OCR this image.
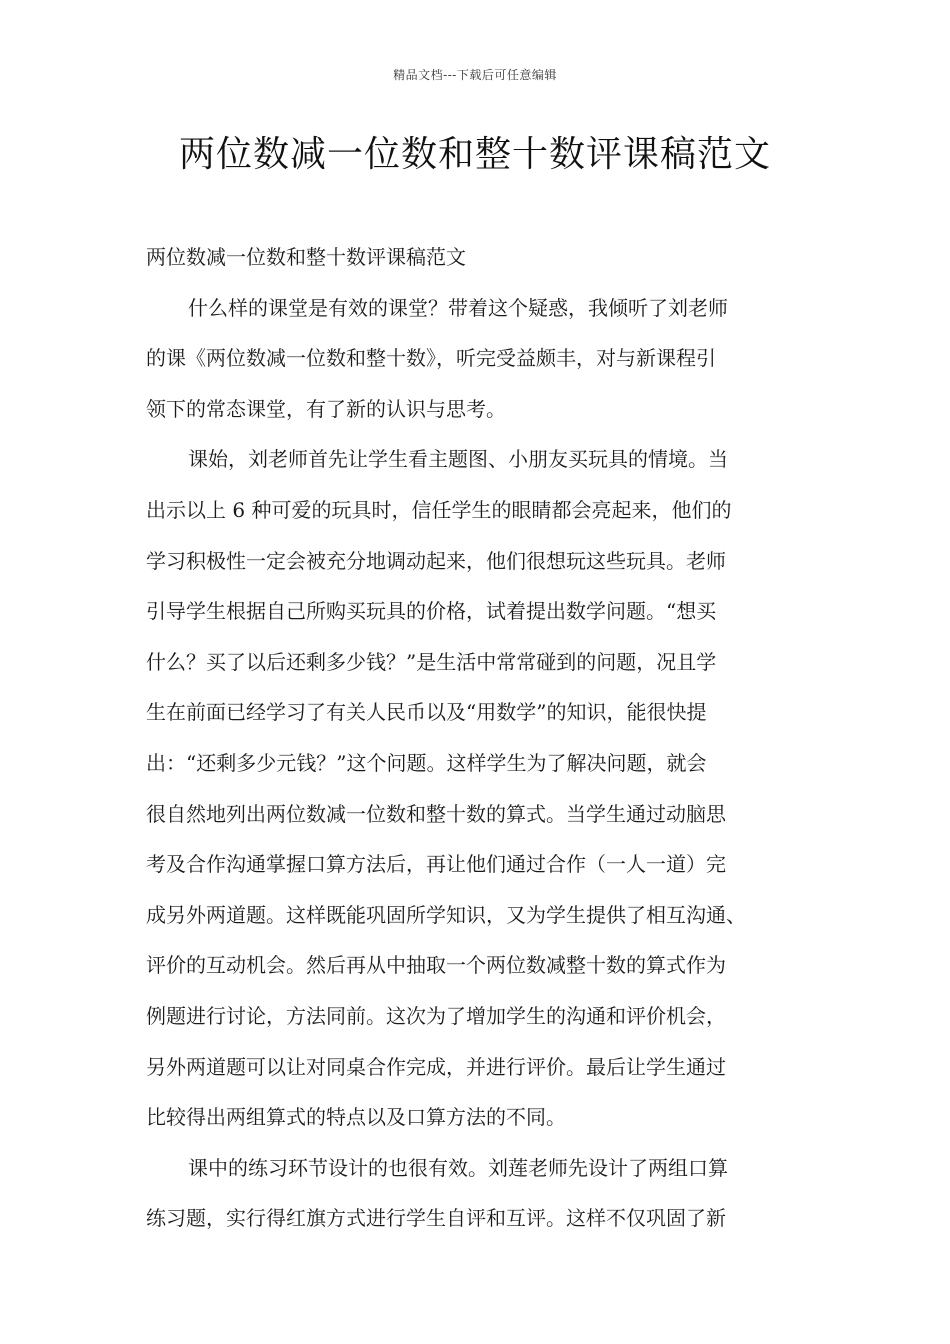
精品文档---下载后可任意编辑
两位数减一位数和整十数评课稿范文

两位数减一位数和整十数评课稿范文

什么样的课堂是有效的课堂？带着这个疑惑，我倾听了刘老师
的课《两位数减一位数和整十数》，听完受益颇丰，对与新课程引
领下的常态课堂，有了新的认识与思考。

课始，刘老师首先让学生看主题图、小朋友买玩具的情境。当
出示以上 6 种可爱的玩具时，信任学生的眼睛都会亮起来，他们的
学习积极性一定会被充分地调动起来，他们很想玩这些玩具。老师
引导学生根据自己所购买玩具的价格，试着提出数学问题。“想买
什么？买了以后还剩多少钱？”是生活中常常碰到的问题，况且学
生在前面已经学习了有关人民币以及“用数学”的知识，能很快提
出：“还剩多少元钱？”这个问题。这样学生为了解决问题，就会
很自然地列出两位数减一位数和整十数的算式。当学生通过动脑思
考及合作沟通掌握口算方法后，再让他们通过合作（一人一道）完
成另外两道题。这样既能巩固所学知识，又为学生提供了相互沟通、
评价的互动机会。然后再从中抽取一个两位数减整十数的算式作为
例题进行讨论，方法同前。这次为了增加学生的沟通和评价机会，
另外两道题可以让对同桌合作完成，并进行评价。最后让学生通过
比较得出两组算式的特点以及口算方法的不同。

课中的练习环节设计的也很有效。刘莲老师先设计了两组口算
练习题，实行得红旗方式进行学生自评和互评。这样不仅巩固了新
